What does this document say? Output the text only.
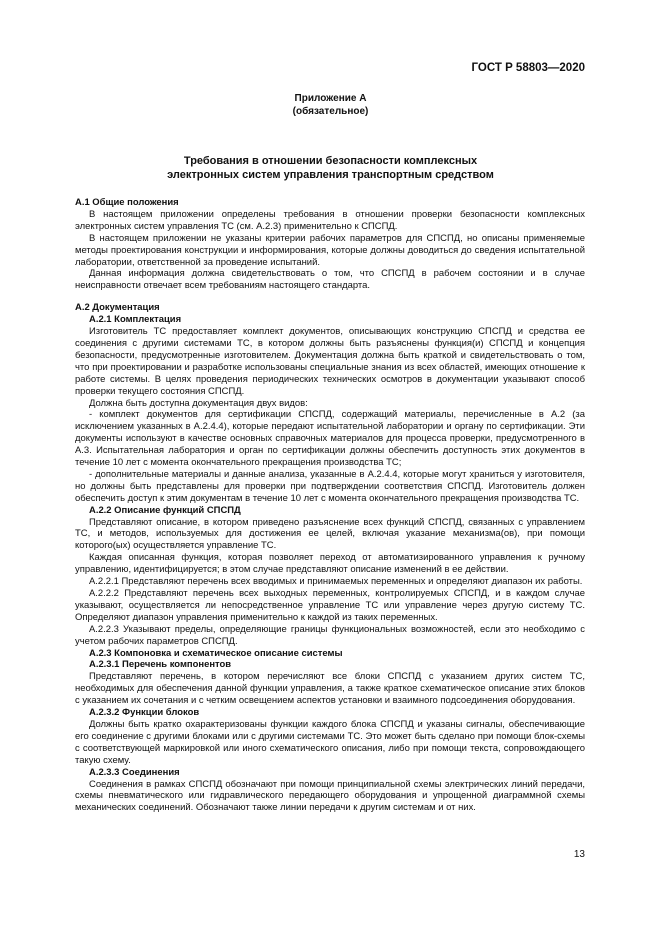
ГОСТ Р 58803—2020
Приложение А
(обязательное)
Требования в отношении безопасности комплексных
электронных систем управления транспортным средством
А.1 Общие положения

В настоящем приложении определены требования в отношении проверки безопасности комплексных электронных систем управления ТС (см. А.2.3) применительно к СПСПД.

В настоящем приложении не указаны критерии рабочих параметров для СПСПД, но описаны применяемые методы проектирования конструкции и информирования, которые должны доводиться до сведения испытательной лаборатории, ответственной за проведение испытаний.

Данная информация должна свидетельствовать о том, что СПСПД в рабочем состоянии и в случае неисправности отвечает всем требованиям настоящего стандарта.

А.2 Документация
А.2.1 Комплектация

Изготовитель ТС предоставляет комплект документов, описывающих конструкцию СПСПД и средства ее соединения с другими системами ТС, в котором должны быть разъяснены функция(и) СПСПД и концепция безопасности, предусмотренные изготовителем. Документация должна быть краткой и свидетельствовать о том, что при проектировании и разработке использованы специальные знания из всех областей, имеющих отношение к работе системы. В целях проведения периодических технических осмотров в документации указывают способ проверки текущего состояния СПСПД.

Должна быть доступна документация двух видов:

- комплект документов для сертификации СПСПД, содержащий материалы, перечисленные в А.2 (за исключением указанных в А.2.4.4), которые передают испытательной лаборатории и органу по сертификации. Эти документы используют в качестве основных справочных материалов для процесса проверки, предусмотренного в А.3. Испытательная лаборатория и орган по сертификации должны обеспечить доступность этих документов в течение 10 лет с момента окончательного прекращения производства ТС;

- дополнительные материалы и данные анализа, указанные в А.2.4.4, которые могут храниться у изготовителя, но должны быть представлены для проверки при подтверждении соответствия СПСПД. Изготовитель должен обеспечить доступ к этим документам в течение 10 лет с момента окончательного прекращения производства ТС.

А.2.2 Описание функций СПСПД

Представляют описание, в котором приведено разъяснение всех функций СПСПД, связанных с управлением ТС, и методов, используемых для достижения ее целей, включая указание механизма(ов), при помощи которого(ых) осуществляется управление ТС.

Каждая описанная функция, которая позволяет переход от автоматизированного управления к ручному управлению, идентифицируется; в этом случае представляют описание изменений в ее действии.

А.2.2.1 Представляют перечень всех вводимых и принимаемых переменных и определяют диапазон их работы.

А.2.2.2 Представляют перечень всех выходных переменных, контролируемых СПСПД, и в каждом случае указывают, осуществляется ли непосредственное управление ТС или управление через другую систему ТС. Определяют диапазон управления применительно к каждой из таких переменных.

А.2.2.3 Указывают пределы, определяющие границы функциональных возможностей, если это необходимо с учетом рабочих параметров СПСПД.

А.2.3 Компоновка и схематическое описание системы
А.2.3.1 Перечень компонентов

Представляют перечень, в котором перечисляют все блоки СПСПД с указанием других систем ТС, необходимых для обеспечения данной функции управления, а также краткое схематическое описание этих блоков с указанием их сочетания и с четким освещением аспектов установки и взаимного подсоединения оборудования.

А.2.3.2 Функции блоков

Должны быть кратко охарактеризованы функции каждого блока СПСПД и указаны сигналы, обеспечивающие его соединение с другими блоками или с другими системами ТС. Это может быть сделано при помощи блок-схемы с соответствующей маркировкой или иного схематического описания, либо при помощи текста, сопровождающего такую схему.

А.2.3.3 Соединения

Соединения в рамках СПСПД обозначают при помощи принципиальной схемы электрических линий передачи, схемы пневматического или гидравлического передающего оборудования и упрощенной диаграммной схемы механических соединений. Обозначают также линии передачи к другим системам и от них.

13
